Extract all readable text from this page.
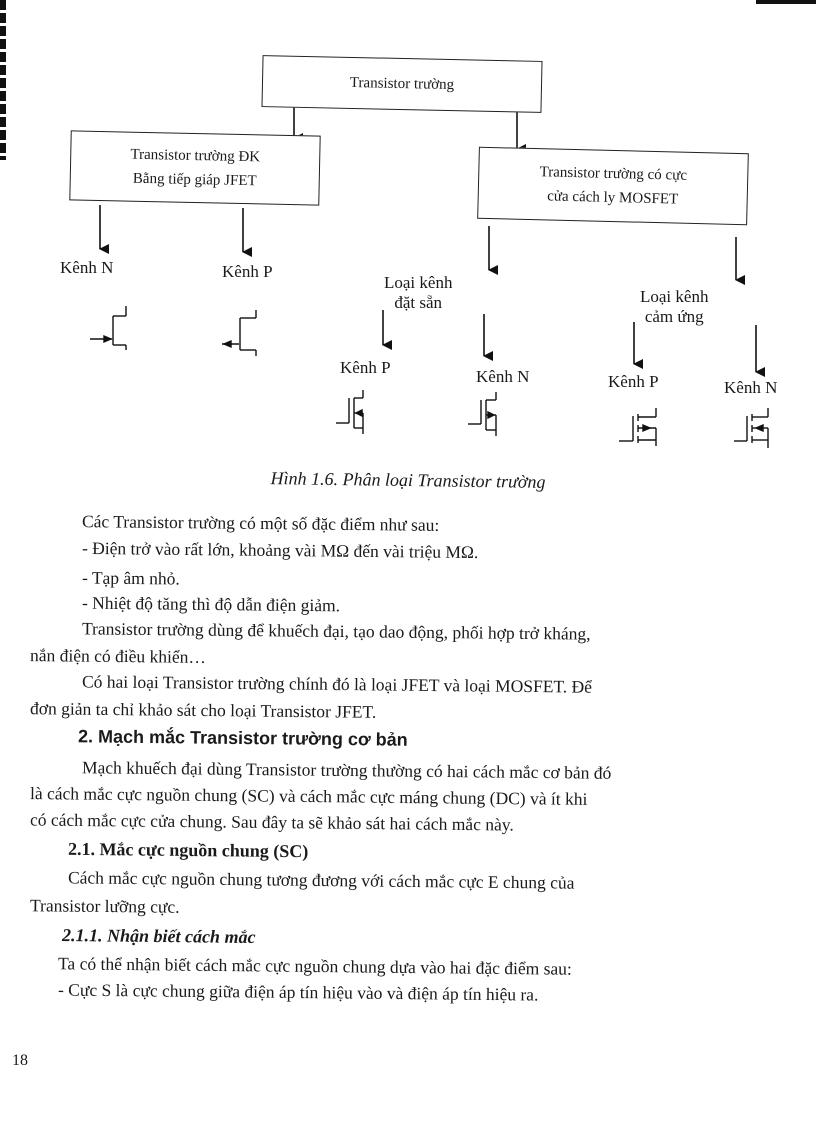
Transistor trường
Transistor trường ĐK
Bằng tiếp giáp JFET	Transistor trường có cực
cửa cách ly MOSFET
Kênh N	Kênh P
Loại kênh
đặt sẵn	Loại kênh
cảm ứng
Kênh P	Kênh N	Kênh P	Kênh N
Hình 1.6. Phân loại Transistor trường
Các Transistor trường có một số đặc điểm như sau:
- Điện trở vào rất lớn, khoảng vài MΩ đến vài triệu MΩ.
- Tạp âm nhỏ.
- Nhiệt độ tăng thì độ dẫn điện giảm.
Transistor trường dùng để khuếch đại, tạo dao động, phối hợp trở kháng,
nắn điện có điều khiển…
Có hai loại Transistor trường chính đó là loại JFET và loại MOSFET. Để
đơn giản ta chỉ khảo sát cho loại Transistor JFET.
2. Mạch mắc Transistor trường cơ bản
Mạch khuếch đại dùng Transistor trường thường có hai cách mắc cơ bản đó
là cách mắc cực nguồn chung (SC) và cách mắc cực máng chung (DC) và ít khi
có cách mắc cực cửa chung. Sau đây ta sẽ khảo sát hai cách mắc này.
2.1. Mắc cực nguồn chung (SC)
Cách mắc cực nguồn chung tương đương với cách mắc cực E chung của
Transistor lưỡng cực.
2.1.1. Nhận biết cách mắc
Ta có thể nhận biết cách mắc cực nguồn chung dựa vào hai đặc điểm sau:
- Cực S là cực chung giữa điện áp tín hiệu vào và điện áp tín hiệu ra.
18
